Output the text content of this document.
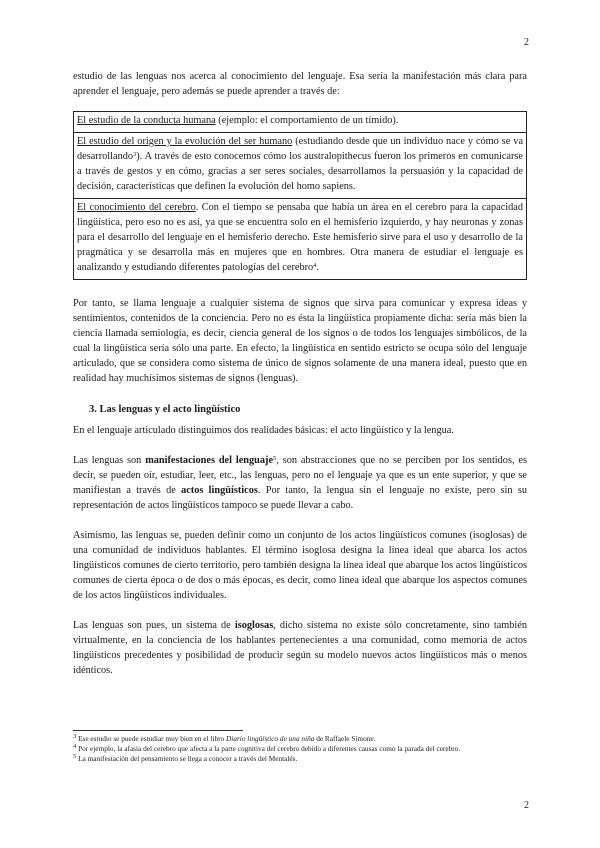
2

estudio de las lenguas nos acerca al conocimiento del lenguaje. Esa sería la manifestación más clara para aprender el lenguaje, pero además se puede aprender a través de:

El estudio de la conducta humana (ejemplo: el comportamiento de un tímido).
El estudio del origen y la evolución del ser humano (estudiando desde que un individuo nace y cómo se va desarrollando$^3$). A través de esto conocemos cómo los australopithecus fueron los primeros en comunicarse a través de gestos y en cómo, gracias a ser seres sociales, desarrollamos la persuasión y la capacidad de decisión, características que definen la evolución del homo sapiens.
El conocimiento del cerebro. Con el tiempo se pensaba que había un área en el cerebro para la capacidad lingüística, pero eso no es así, ya que se encuentra solo en el hemisferio izquierdo, y hay neuronas y zonas para el desarrollo del lenguaje en el hemisferio derecho. Este hemisferio sirve para el uso y desarrollo de la pragmática y se desarrolla más en mujeres que en hombres. Otra manera de estudiar el lenguaje es analizando y estudiando diferentes patologías del cerebro$^4$.

Por tanto, se llama lenguaje a cualquier sistema de signos que sirva para comunicar y expresa ideas y sentimientos, contenidos de la conciencia. Pero no es ésta la lingüística propiamente dicha: sería más bien la ciencia llamada semiología, es decir, ciencia general de los signos o de todos los lenguajes simbólicos, de la cual la lingüística sería sólo una parte. En efecto, la lingüística en sentido estricto se ocupa sólo del lenguaje articulado, que se considera como sistema de único de signos solamente de una manera ideal, puesto que en realidad hay muchísimos sistemas de signos (lenguas).

3. Las lenguas y el acto lingüístico

En el lenguaje articulado distinguimos dos realidades básicas: el acto lingüístico y la lengua.

Las lenguas son manifestaciones del lenguaje$^5$, son abstracciones que no se perciben por los sentidos, es decir, se pueden oír, estudiar, leer, etc., las lenguas, pero no el lenguaje ya que es un ente superior, y que se manifiestan a través de actos lingüísticos. Por tanto, la lengua sin el lenguaje no existe, pero sin su representación de actos lingüísticos tampoco se puede llevar a cabo.

Asimismo, las lenguas se, pueden definir como un conjunto de los actos lingüísticos comunes (isoglosas) de una comunidad de individuos hablantes. El término isoglosa designa la línea ideal que abarca los actos lingüísticos comunes de cierto territorio, pero también designa la línea ideal que abarque los actos lingüísticos comunes de cierta época o de dos o más épocas, es decir, como línea ideal que abarque los aspectos comunes de los actos lingüísticos individuales.

Las lenguas son pues, un sistema de isoglosas, dicho sistema no existe sólo concretamente, sino también virtualmente, en la conciencia de los hablantes pertenecientes a una comunidad, como memoria de actos lingüísticos precedentes y posibilidad de producir según su modelo nuevos actos lingüísticos más o menos idénticos.

$^3$ Ese estudio se puede estudiar muy bien en el libro Diario lingüístico de una niña de Raffaele Simone.

$^4$ Por ejemplo, la afasia del cerebro que afecta a la parte cognitiva del cerebro debido a diferentes causas como la parada del cerebro.

$^5$ La manifestación del pensamiento se llega a conocer a través del Mentalés.

2
